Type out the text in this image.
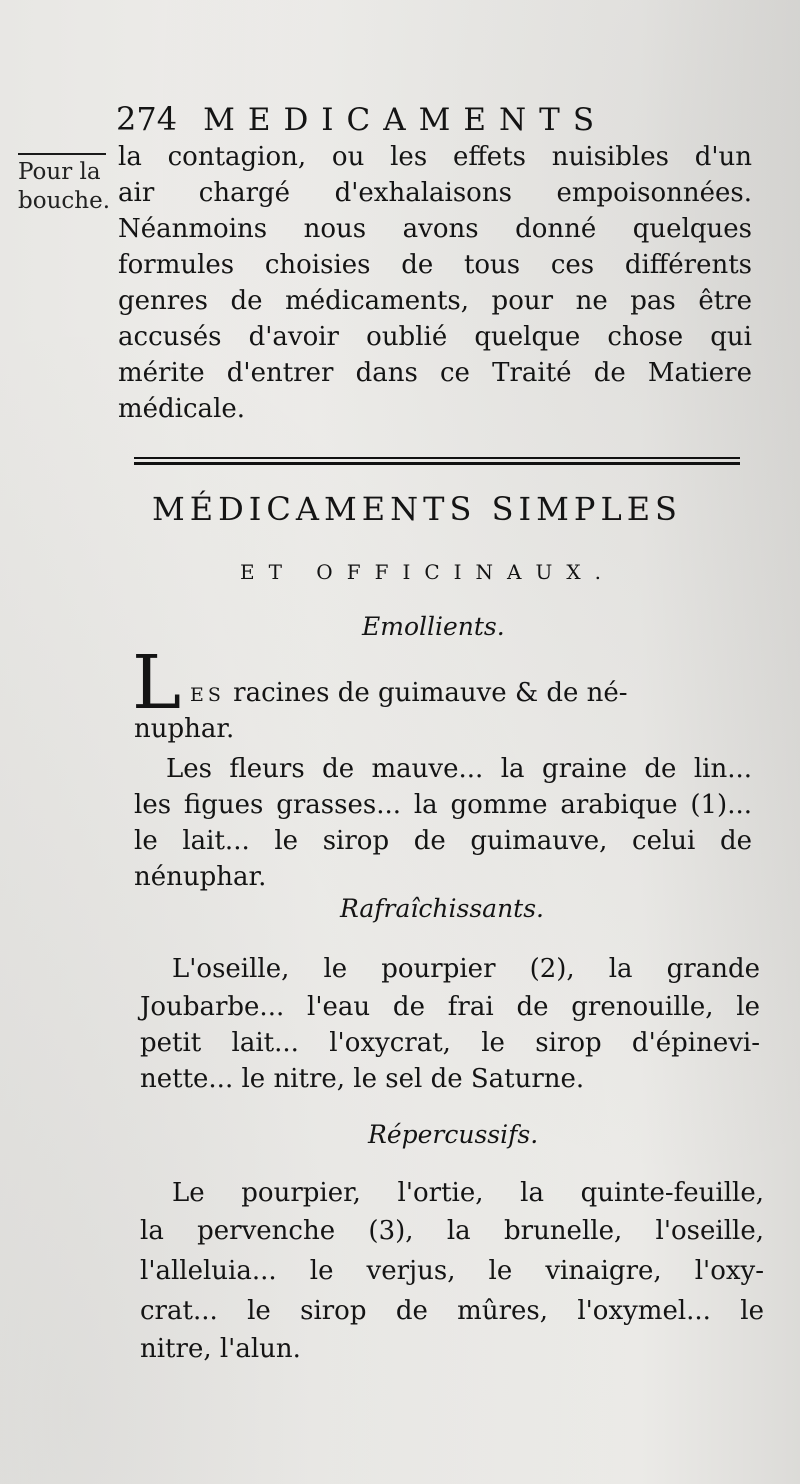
274 MEDICAMENTS
Pour la bouche.
la contagion, ou les effets nuisibles d'un
air chargé d'exhalaisons empoisonnées.
Néanmoins nous avons donné quelques
formules choisies de tous ces différents
genres de médicaments, pour ne pas être
accusés d'avoir oublié quelque chose qui
mérite d'entrer dans ce Traité de Matiere
médicale.
MÉDICAMENTS SIMPLES
ET OFFICINAUX.
Emollients.
L ES racines de guimauve & de né-
nuphar.
Les fleurs de mauve... la graine de lin...
les figues grasses... la gomme arabique (1)...
le lait... le sirop de guimauve, celui de
nénuphar.
Rafraîchissants.
L'oseille, le pourpier (2), la grande
Joubarbe... l'eau de frai de grenouille, le
petit lait... l'oxycrat, le sirop d'épinevi-
nette... le nitre, le sel de Saturne.
Répercussifs.
Le pourpier, l'ortie, la quinte-feuille,
la pervenche (3), la brunelle, l'oseille,
l'alleluia... le verjus, le vinaigre, l'oxy-
crat... le sirop de mûres, l'oxymel... le
nitre, l'alun.
